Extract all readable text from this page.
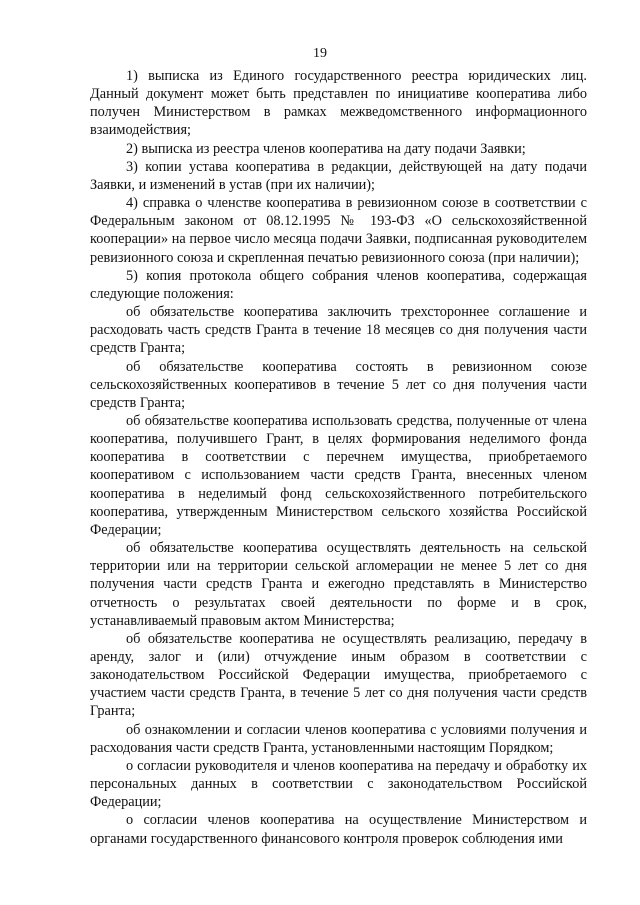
19

1) выписка из Единого государственного реестра юридических лиц. Данный документ может быть представлен по инициативе кооператива либо получен Министерством в рамках межведомственного информационного взаимодействия;

2) выписка из реестра членов кооператива на дату подачи Заявки;

3) копии устава кооператива в редакции, действующей на дату подачи Заявки, и изменений в устав (при их наличии);

4) справка о членстве кооператива в ревизионном союзе в соответствии с Федеральным законом от 08.12.1995 № 193-ФЗ «О сельскохозяйственной кооперации» на первое число месяца подачи Заявки, подписанная руководителем ревизионного союза и скрепленная печатью ревизионного союза (при наличии);

5) копия протокола общего собрания членов кооператива, содержащая следующие положения:

об обязательстве кооператива заключить трехстороннее соглашение и расходовать часть средств Гранта в течение 18 месяцев со дня получения части средств Гранта;

об обязательстве кооператива состоять в ревизионном союзе сельскохозяйственных кооперативов в течение 5 лет со дня получения части средств Гранта;

об обязательстве кооператива использовать средства, полученные от члена кооператива, получившего Грант, в целях формирования неделимого фонда кооператива в соответствии с перечнем имущества, приобретаемого кооперативом с использованием части средств Гранта, внесенных членом кооператива в неделимый фонд сельскохозяйственного потребительского кооператива, утвержденным Министерством сельского хозяйства Российской Федерации;

об обязательстве кооператива осуществлять деятельность на сельской территории или на территории сельской агломерации не менее 5 лет со дня получения части средств Гранта и ежегодно представлять в Министерство отчетность о результатах своей деятельности по форме и в срок, устанавливаемый правовым актом Министерства;

об обязательстве кооператива не осуществлять реализацию, передачу в аренду, залог и (или) отчуждение иным образом в соответствии с законодательством Российской Федерации имущества, приобретаемого с участием части средств Гранта, в течение 5 лет со дня получения части средств Гранта;

об ознакомлении и согласии членов кооператива с условиями получения и расходования части средств Гранта, установленными настоящим Порядком;

о согласии руководителя и членов кооператива на передачу и обработку их персональных данных в соответствии с законодательством Российской Федерации;

о согласии членов кооператива на осуществление Министерством и органами государственного финансового контроля проверок соблюдения ими
